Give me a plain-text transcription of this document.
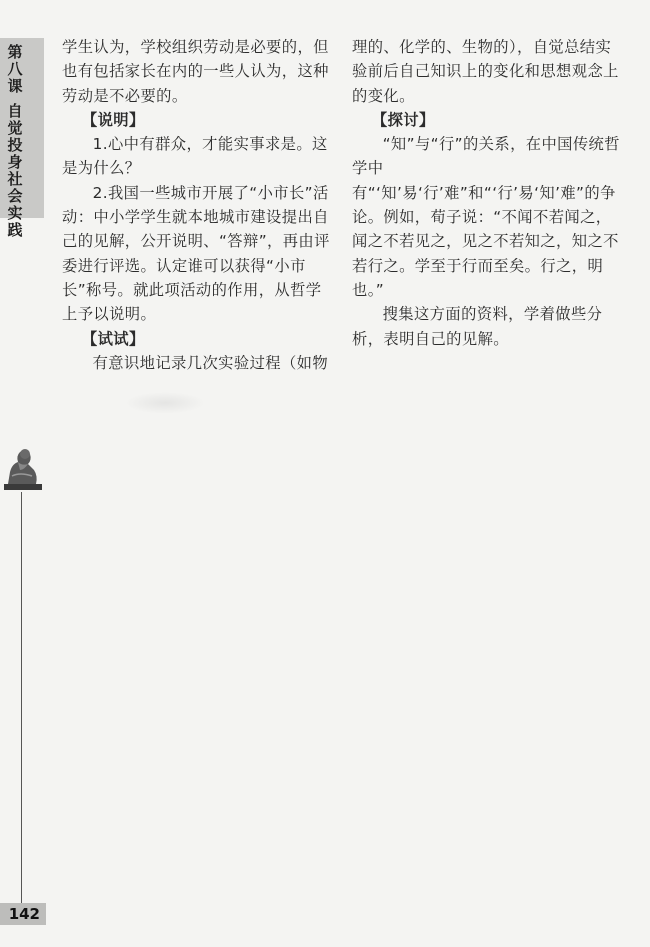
第
八
课
自
觉
投
身
社
会
实
践
142

学生认为，学校组织劳动是必要的，但也有包括家长在内的一些人认为，这种劳动是不必要的。

【说明】

1.心中有群众，才能实事求是。这是为什么？

2.我国一些城市开展了“小市长”活动：中小学学生就本地城市建设提出自己的见解，公开说明、“答辩”，再由评委进行评选。认定谁可以获得“小市长”称号。就此项活动的作用，从哲学上予以说明。

【试试】

有意识地记录几次实验过程（如物

理的、化学的、生物的），自觉总结实验前后自己知识上的变化和思想观念上的变化。

【探讨】

“知”与“行”的关系，在中国传统哲学中有“‘知’易‘行’难”和“‘行’易‘知’难”的争论。例如，荀子说：“不闻不若闻之，闻之不若见之，见之不若知之，知之不若行之。学至于行而至矣。行之，明也。”

搜集这方面的资料，学着做些分析，表明自己的见解。
